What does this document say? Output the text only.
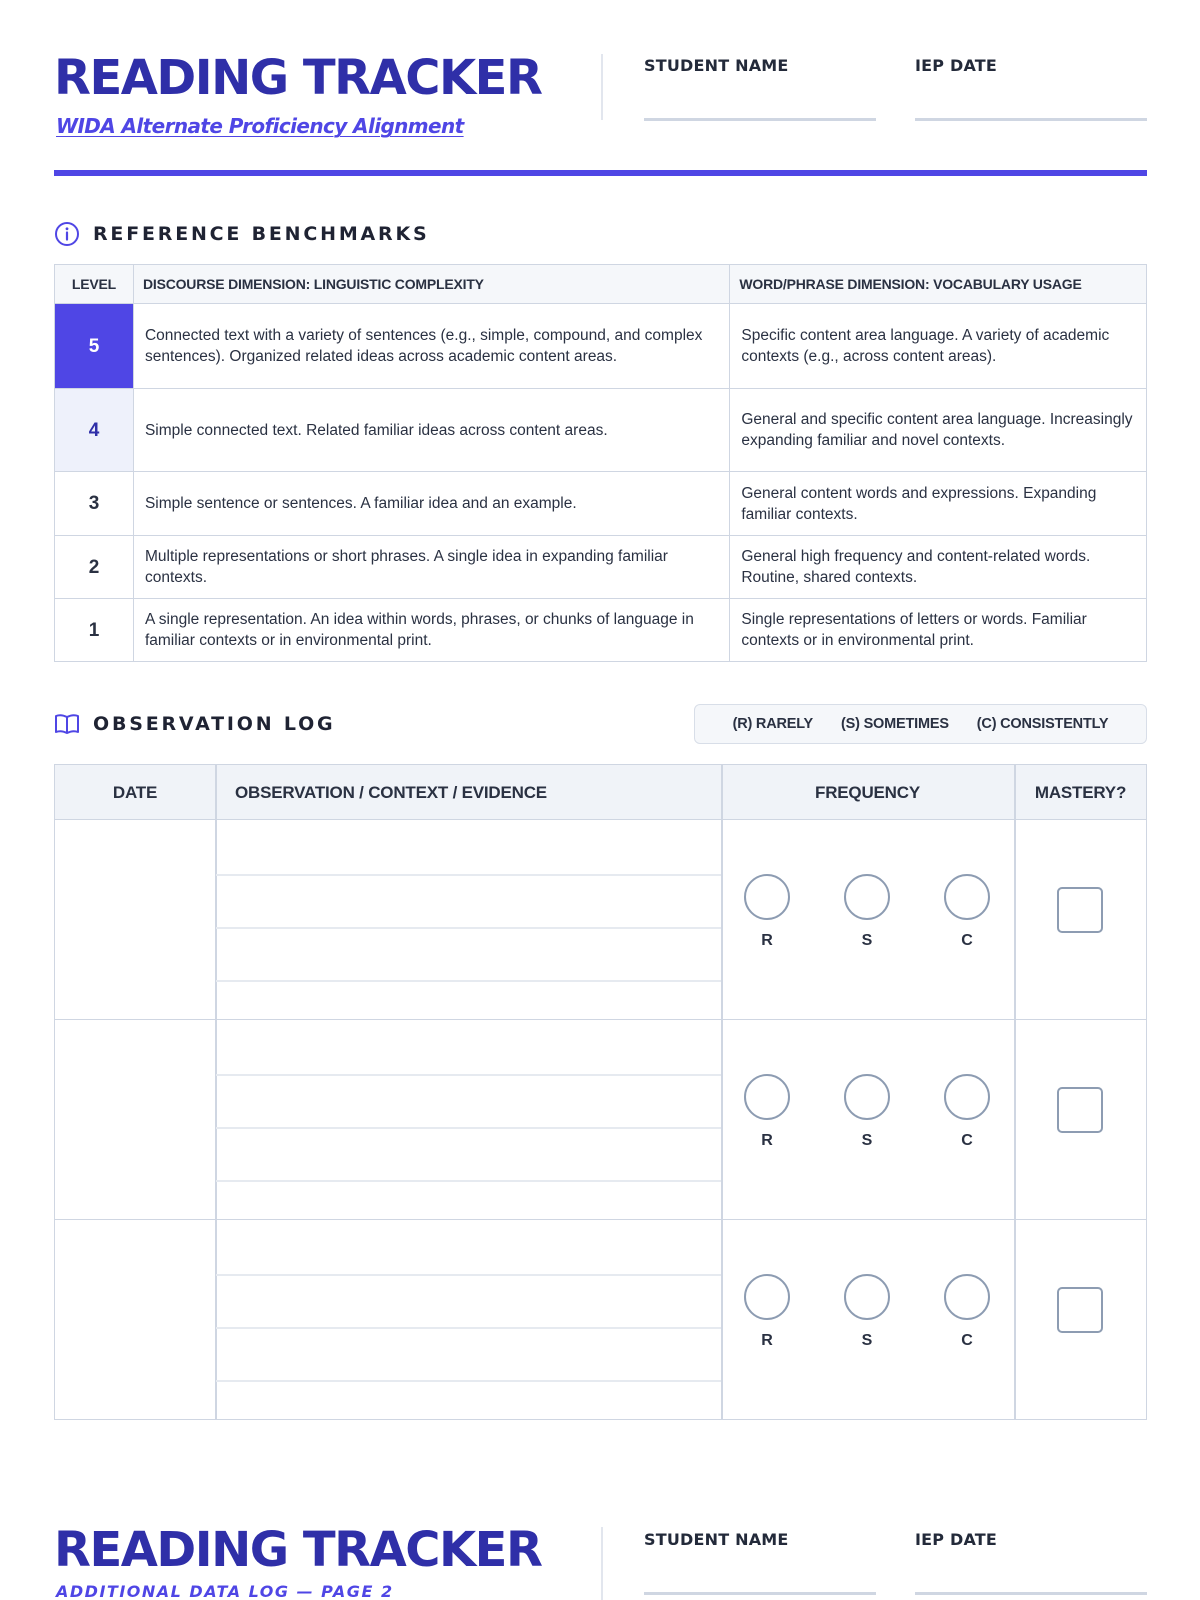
READING TRACKER
WIDA Alternate Proficiency Alignment
STUDENT NAME	IEP DATE
REFERENCE BENCHMARKS
LEVEL	DISCOURSE DIMENSION: LINGUISTIC COMPLEXITY	WORD/PHRASE DIMENSION: VOCABULARY USAGE
5	Connected text with a variety of sentences (e.g., simple, compound, and complex sentences). Organized related ideas across academic content areas.	Specific content area language. A variety of academic contexts (e.g., across content areas).
4	Simple connected text. Related familiar ideas across content areas.	General and specific content area language. Increasingly expanding familiar and novel contexts.
3	Simple sentence or sentences. A familiar idea and an example.	General content words and expressions. Expanding familiar contexts.
2	Multiple representations or short phrases. A single idea in expanding familiar contexts.	General high frequency and content-related words. Routine, shared contexts.
1	A single representation. An idea within words, phrases, or chunks of language in familiar contexts or in environmental print.	Single representations of letters or words. Familiar contexts or in environmental print.
OBSERVATION LOG	(R) RARELY (S) SOMETIMES (C) CONSISTENTLY
DATE	OBSERVATION / CONTEXT / EVIDENCE	FREQUENCY	MASTERY?
R	S	C
R	S	C
R	S	C
READING TRACKER
ADDITIONAL DATA LOG — PAGE 2
STUDENT NAME	IEP DATE
